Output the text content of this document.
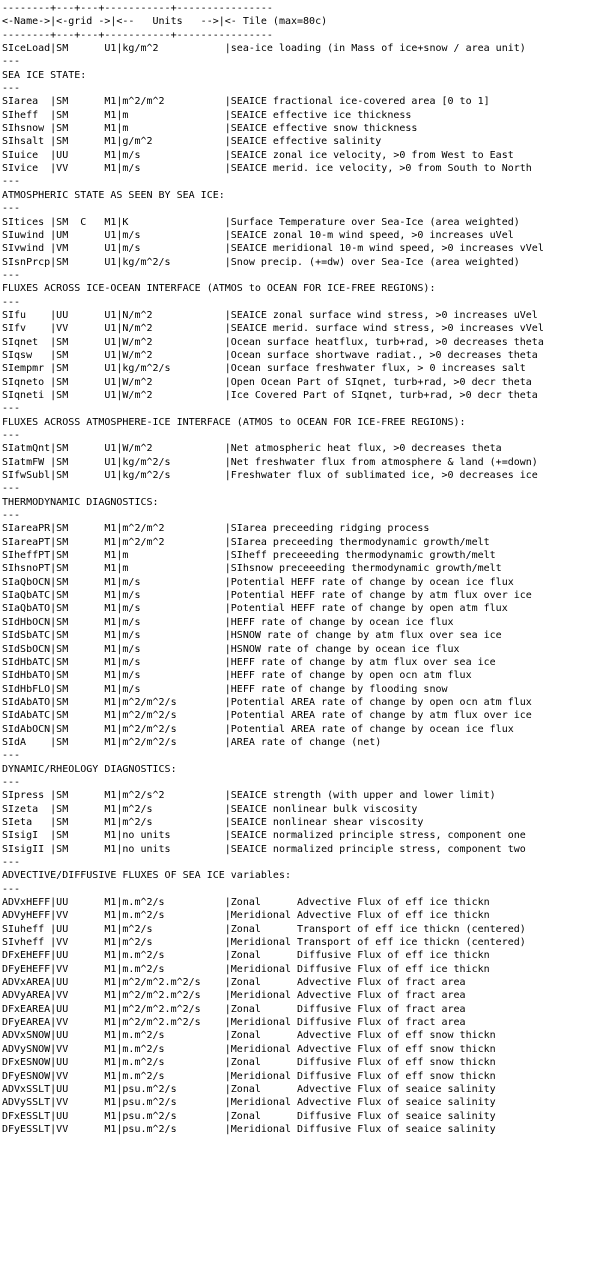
--------+---+---+-----------+----------------
<-Name->|<-grid ->|<--   Units   -->|<- Tile (max=80c)
--------+---+---+-----------+----------------
SIceLoad|SM      U1|kg/m^2           |sea-ice loading (in Mass of ice+snow / area unit)
---
SEA ICE STATE:
---
SIarea  |SM      M1|m^2/m^2          |SEAICE fractional ice-covered area [0 to 1]
SIheff  |SM      M1|m                |SEAICE effective ice thickness
SIhsnow |SM      M1|m                |SEAICE effective snow thickness
SIhsalt |SM      M1|g/m^2            |SEAICE effective salinity
SIuice  |UU      M1|m/s              |SEAICE zonal ice velocity, >0 from West to East
SIvice  |VV      M1|m/s              |SEAICE merid. ice velocity, >0 from South to North
---
ATMOSPHERIC STATE AS SEEN BY SEA ICE:
---
SItices |SM  C   M1|K                |Surface Temperature over Sea-Ice (area weighted)
SIuwind |UM      U1|m/s              |SEAICE zonal 10-m wind speed, >0 increases uVel
SIvwind |VM      U1|m/s              |SEAICE meridional 10-m wind speed, >0 increases vVel
SIsnPrcp|SM      U1|kg/m^2/s         |Snow precip. (+=dw) over Sea-Ice (area weighted)
---
FLUXES ACROSS ICE-OCEAN INTERFACE (ATMOS to OCEAN FOR ICE-FREE REGIONS):
---
SIfu    |UU      U1|N/m^2            |SEAICE zonal surface wind stress, >0 increases uVel
SIfv    |VV      U1|N/m^2            |SEAICE merid. surface wind stress, >0 increases vVel
SIqnet  |SM      U1|W/m^2            |Ocean surface heatflux, turb+rad, >0 decreases theta
SIqsw   |SM      U1|W/m^2            |Ocean surface shortwave radiat., >0 decreases theta
SIempmr |SM      U1|kg/m^2/s         |Ocean surface freshwater flux, > 0 increases salt
SIqneto |SM      U1|W/m^2            |Open Ocean Part of SIqnet, turb+rad, >0 decr theta
SIqneti |SM      U1|W/m^2            |Ice Covered Part of SIqnet, turb+rad, >0 decr theta
---
FLUXES ACROSS ATMOSPHERE-ICE INTERFACE (ATMOS to OCEAN FOR ICE-FREE REGIONS):
---
SIatmQnt|SM      U1|W/m^2            |Net atmospheric heat flux, >0 decreases theta
SIatmFW |SM      U1|kg/m^2/s         |Net freshwater flux from atmosphere & land (+=down)
SIfwSubl|SM      U1|kg/m^2/s         |Freshwater flux of sublimated ice, >0 decreases ice
---
THERMODYNAMIC DIAGNOSTICS:
---
SIareaPR|SM      M1|m^2/m^2          |SIarea preceeding ridging process
SIareaPT|SM      M1|m^2/m^2          |SIarea preceeding thermodynamic growth/melt
SIheffPT|SM      M1|m                |SIheff preceeeding thermodynamic growth/melt
SIhsnoPT|SM      M1|m                |SIhsnow preceeeding thermodynamic growth/melt
SIaQbOCN|SM      M1|m/s              |Potential HEFF rate of change by ocean ice flux
SIaQbATC|SM      M1|m/s              |Potential HEFF rate of change by atm flux over ice
SIaQbATO|SM      M1|m/s              |Potential HEFF rate of change by open atm flux
SIdHbOCN|SM      M1|m/s              |HEFF rate of change by ocean ice flux
SIdSbATC|SM      M1|m/s              |HSNOW rate of change by atm flux over sea ice
SIdSbOCN|SM      M1|m/s              |HSNOW rate of change by ocean ice flux
SIdHbATC|SM      M1|m/s              |HEFF rate of change by atm flux over sea ice
SIdHbATO|SM      M1|m/s              |HEFF rate of change by open ocn atm flux
SIdHbFLO|SM      M1|m/s              |HEFF rate of change by flooding snow
SIdAbATO|SM      M1|m^2/m^2/s        |Potential AREA rate of change by open ocn atm flux
SIdAbATC|SM      M1|m^2/m^2/s        |Potential AREA rate of change by atm flux over ice
SIdAbOCN|SM      M1|m^2/m^2/s        |Potential AREA rate of change by ocean ice flux
SIdA    |SM      M1|m^2/m^2/s        |AREA rate of change (net)
---
DYNAMIC/RHEOLOGY DIAGNOSTICS:
---
SIpress |SM      M1|m^2/s^2          |SEAICE strength (with upper and lower limit)
SIzeta  |SM      M1|m^2/s            |SEAICE nonlinear bulk viscosity
SIeta   |SM      M1|m^2/s            |SEAICE nonlinear shear viscosity
SIsigI  |SM      M1|no units         |SEAICE normalized principle stress, component one
SIsigII |SM      M1|no units         |SEAICE normalized principle stress, component two
---
ADVECTIVE/DIFFUSIVE FLUXES OF SEA ICE variables:
---
ADVxHEFF|UU      M1|m.m^2/s          |Zonal      Advective Flux of eff ice thickn
ADVyHEFF|VV      M1|m.m^2/s          |Meridional Advective Flux of eff ice thickn
SIuheff |UU      M1|m^2/s            |Zonal      Transport of eff ice thickn (centered)
SIvheff |VV      M1|m^2/s            |Meridional Transport of eff ice thickn (centered)
DFxEHEFF|UU      M1|m.m^2/s          |Zonal      Diffusive Flux of eff ice thickn
DFyEHEFF|VV      M1|m.m^2/s          |Meridional Diffusive Flux of eff ice thickn
ADVxAREA|UU      M1|m^2/m^2.m^2/s    |Zonal      Advective Flux of fract area
ADVyAREA|VV      M1|m^2/m^2.m^2/s    |Meridional Advective Flux of fract area
DFxEAREA|UU      M1|m^2/m^2.m^2/s    |Zonal      Diffusive Flux of fract area
DFyEAREA|VV      M1|m^2/m^2.m^2/s    |Meridional Diffusive Flux of fract area
ADVxSNOW|UU      M1|m.m^2/s          |Zonal      Advective Flux of eff snow thickn
ADVySNOW|VV      M1|m.m^2/s          |Meridional Advective Flux of eff snow thickn
DFxESNOW|UU      M1|m.m^2/s          |Zonal      Diffusive Flux of eff snow thickn
DFyESNOW|VV      M1|m.m^2/s          |Meridional Diffusive Flux of eff snow thickn
ADVxSSLT|UU      M1|psu.m^2/s        |Zonal      Advective Flux of seaice salinity
ADVySSLT|VV      M1|psu.m^2/s        |Meridional Advective Flux of seaice salinity
DFxESSLT|UU      M1|psu.m^2/s        |Zonal      Diffusive Flux of seaice salinity
DFyESSLT|VV      M1|psu.m^2/s        |Meridional Diffusive Flux of seaice salinity
